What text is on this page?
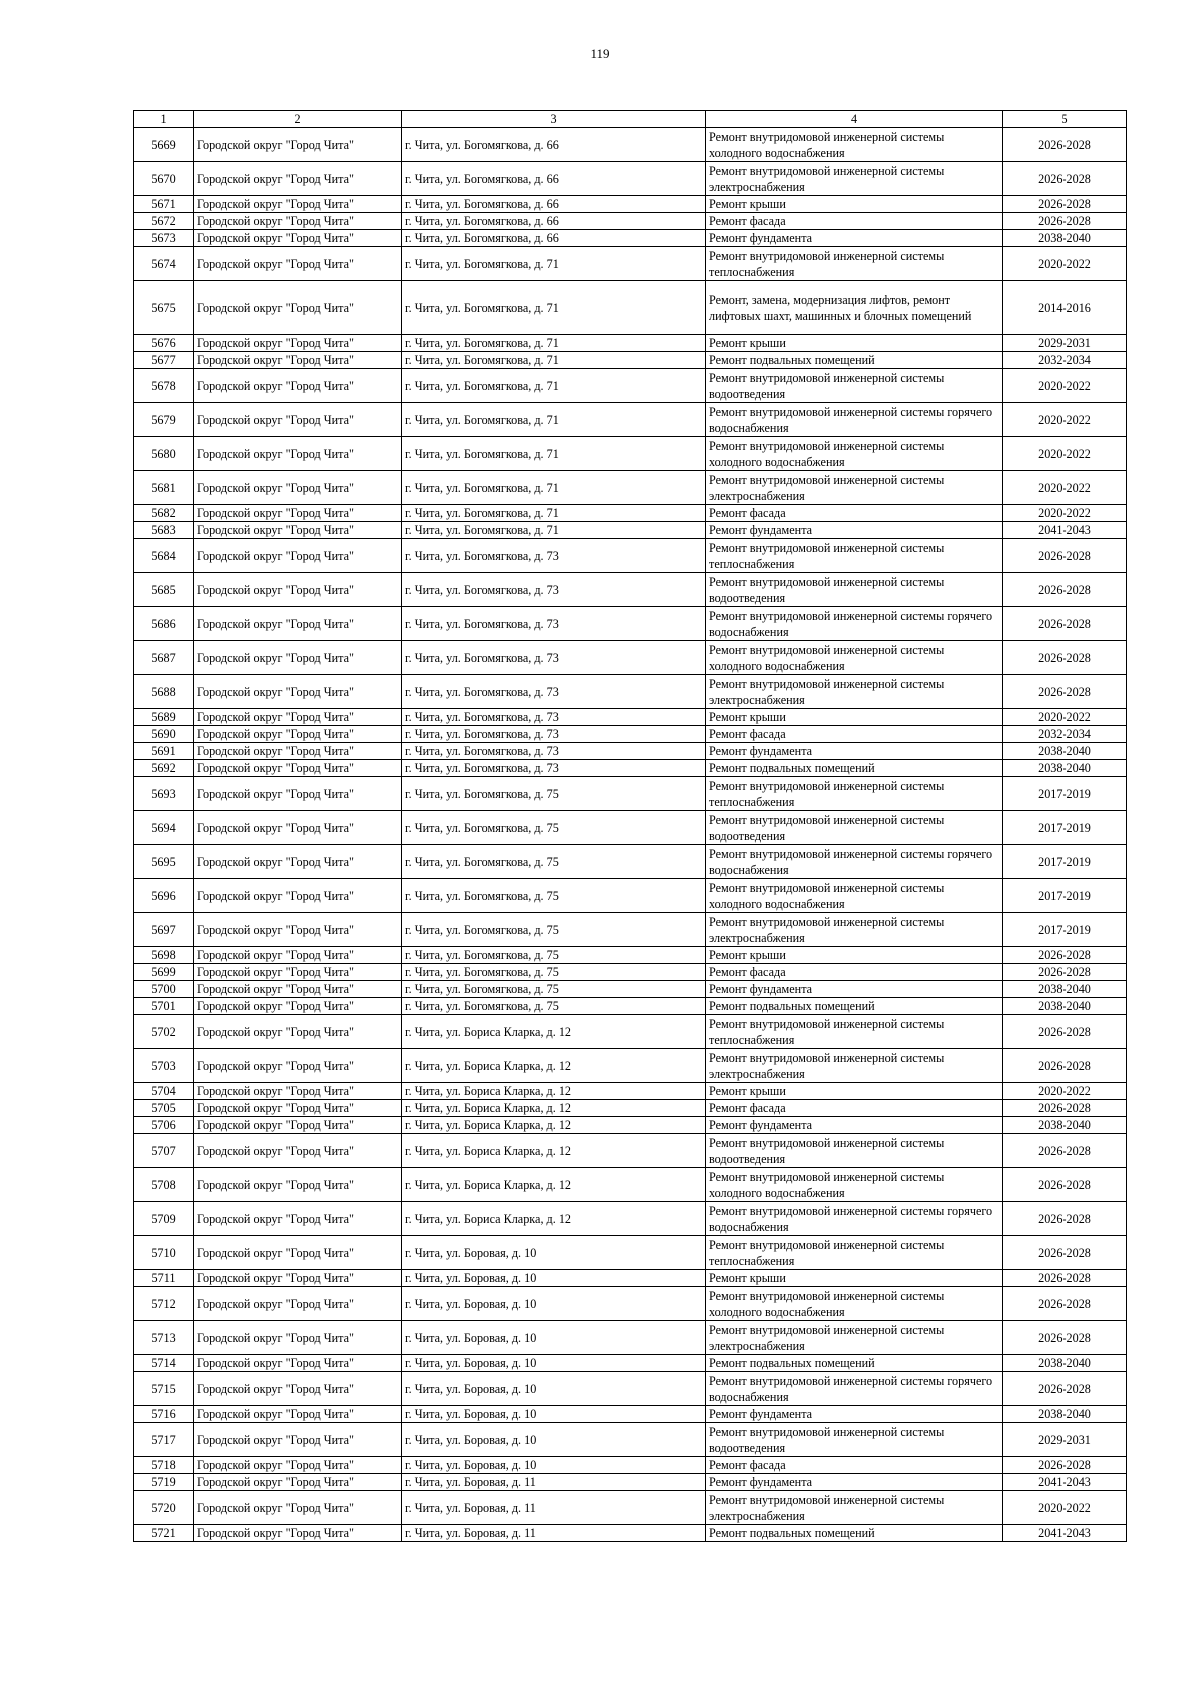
119
1	2	3	4	5
5669	Городской округ "Город Чита"	г. Чита, ул. Богомягкова, д. 66	Ремонт внутридомовой инженерной системы холодного водоснабжения	2026-2028
5670	Городской округ "Город Чита"	г. Чита, ул. Богомягкова, д. 66	Ремонт внутридомовой инженерной системы электроснабжения	2026-2028
5671	Городской округ "Город Чита"	г. Чита, ул. Богомягкова, д. 66	Ремонт крыши	2026-2028
5672	Городской округ "Город Чита"	г. Чита, ул. Богомягкова, д. 66	Ремонт фасада	2026-2028
5673	Городской округ "Город Чита"	г. Чита, ул. Богомягкова, д. 66	Ремонт фундамента	2038-2040
5674	Городской округ "Город Чита"	г. Чита, ул. Богомягкова, д. 71	Ремонт внутридомовой инженерной системы теплоснабжения	2020-2022
5675	Городской округ "Город Чита"	г. Чита, ул. Богомягкова, д. 71	Ремонт, замена, модернизация лифтов, ремонт лифтовых шахт, машинных и блочных помещений	2014-2016
5676	Городской округ "Город Чита"	г. Чита, ул. Богомягкова, д. 71	Ремонт крыши	2029-2031
5677	Городской округ "Город Чита"	г. Чита, ул. Богомягкова, д. 71	Ремонт подвальных помещений	2032-2034
5678	Городской округ "Город Чита"	г. Чита, ул. Богомягкова, д. 71	Ремонт внутридомовой инженерной системы водоотведения	2020-2022
5679	Городской округ "Город Чита"	г. Чита, ул. Богомягкова, д. 71	Ремонт внутридомовой инженерной системы горячего водоснабжения	2020-2022
5680	Городской округ "Город Чита"	г. Чита, ул. Богомягкова, д. 71	Ремонт внутридомовой инженерной системы холодного водоснабжения	2020-2022
5681	Городской округ "Город Чита"	г. Чита, ул. Богомягкова, д. 71	Ремонт внутридомовой инженерной системы электроснабжения	2020-2022
5682	Городской округ "Город Чита"	г. Чита, ул. Богомягкова, д. 71	Ремонт фасада	2020-2022
5683	Городской округ "Город Чита"	г. Чита, ул. Богомягкова, д. 71	Ремонт фундамента	2041-2043
5684	Городской округ "Город Чита"	г. Чита, ул. Богомягкова, д. 73	Ремонт внутридомовой инженерной системы теплоснабжения	2026-2028
5685	Городской округ "Город Чита"	г. Чита, ул. Богомягкова, д. 73	Ремонт внутридомовой инженерной системы водоотведения	2026-2028
5686	Городской округ "Город Чита"	г. Чита, ул. Богомягкова, д. 73	Ремонт внутридомовой инженерной системы горячего водоснабжения	2026-2028
5687	Городской округ "Город Чита"	г. Чита, ул. Богомягкова, д. 73	Ремонт внутридомовой инженерной системы холодного водоснабжения	2026-2028
5688	Городской округ "Город Чита"	г. Чита, ул. Богомягкова, д. 73	Ремонт внутридомовой инженерной системы электроснабжения	2026-2028
5689	Городской округ "Город Чита"	г. Чита, ул. Богомягкова, д. 73	Ремонт крыши	2020-2022
5690	Городской округ "Город Чита"	г. Чита, ул. Богомягкова, д. 73	Ремонт фасада	2032-2034
5691	Городской округ "Город Чита"	г. Чита, ул. Богомягкова, д. 73	Ремонт фундамента	2038-2040
5692	Городской округ "Город Чита"	г. Чита, ул. Богомягкова, д. 73	Ремонт подвальных помещений	2038-2040
5693	Городской округ "Город Чита"	г. Чита, ул. Богомягкова, д. 75	Ремонт внутридомовой инженерной системы теплоснабжения	2017-2019
5694	Городской округ "Город Чита"	г. Чита, ул. Богомягкова, д. 75	Ремонт внутридомовой инженерной системы водоотведения	2017-2019
5695	Городской округ "Город Чита"	г. Чита, ул. Богомягкова, д. 75	Ремонт внутридомовой инженерной системы горячего водоснабжения	2017-2019
5696	Городской округ "Город Чита"	г. Чита, ул. Богомягкова, д. 75	Ремонт внутридомовой инженерной системы холодного водоснабжения	2017-2019
5697	Городской округ "Город Чита"	г. Чита, ул. Богомягкова, д. 75	Ремонт внутридомовой инженерной системы электроснабжения	2017-2019
5698	Городской округ "Город Чита"	г. Чита, ул. Богомягкова, д. 75	Ремонт крыши	2026-2028
5699	Городской округ "Город Чита"	г. Чита, ул. Богомягкова, д. 75	Ремонт фасада	2026-2028
5700	Городской округ "Город Чита"	г. Чита, ул. Богомягкова, д. 75	Ремонт фундамента	2038-2040
5701	Городской округ "Город Чита"	г. Чита, ул. Богомягкова, д. 75	Ремонт подвальных помещений	2038-2040
5702	Городской округ "Город Чита"	г. Чита, ул. Бориса Кларка, д. 12	Ремонт внутридомовой инженерной системы теплоснабжения	2026-2028
5703	Городской округ "Город Чита"	г. Чита, ул. Бориса Кларка, д. 12	Ремонт внутридомовой инженерной системы электроснабжения	2026-2028
5704	Городской округ "Город Чита"	г. Чита, ул. Бориса Кларка, д. 12	Ремонт крыши	2020-2022
5705	Городской округ "Город Чита"	г. Чита, ул. Бориса Кларка, д. 12	Ремонт фасада	2026-2028
5706	Городской округ "Город Чита"	г. Чита, ул. Бориса Кларка, д. 12	Ремонт фундамента	2038-2040
5707	Городской округ "Город Чита"	г. Чита, ул. Бориса Кларка, д. 12	Ремонт внутридомовой инженерной системы водоотведения	2026-2028
5708	Городской округ "Город Чита"	г. Чита, ул. Бориса Кларка, д. 12	Ремонт внутридомовой инженерной системы холодного водоснабжения	2026-2028
5709	Городской округ "Город Чита"	г. Чита, ул. Бориса Кларка, д. 12	Ремонт внутридомовой инженерной системы горячего водоснабжения	2026-2028
5710	Городской округ "Город Чита"	г. Чита, ул. Боровая, д. 10	Ремонт внутридомовой инженерной системы теплоснабжения	2026-2028
5711	Городской округ "Город Чита"	г. Чита, ул. Боровая, д. 10	Ремонт крыши	2026-2028
5712	Городской округ "Город Чита"	г. Чита, ул. Боровая, д. 10	Ремонт внутридомовой инженерной системы холодного водоснабжения	2026-2028
5713	Городской округ "Город Чита"	г. Чита, ул. Боровая, д. 10	Ремонт внутридомовой инженерной системы электроснабжения	2026-2028
5714	Городской округ "Город Чита"	г. Чита, ул. Боровая, д. 10	Ремонт подвальных помещений	2038-2040
5715	Городской округ "Город Чита"	г. Чита, ул. Боровая, д. 10	Ремонт внутридомовой инженерной системы горячего водоснабжения	2026-2028
5716	Городской округ "Город Чита"	г. Чита, ул. Боровая, д. 10	Ремонт фундамента	2038-2040
5717	Городской округ "Город Чита"	г. Чита, ул. Боровая, д. 10	Ремонт внутридомовой инженерной системы водоотведения	2029-2031
5718	Городской округ "Город Чита"	г. Чита, ул. Боровая, д. 10	Ремонт фасада	2026-2028
5719	Городской округ "Город Чита"	г. Чита, ул. Боровая, д. 11	Ремонт фундамента	2041-2043
5720	Городской округ "Город Чита"	г. Чита, ул. Боровая, д. 11	Ремонт внутридомовой инженерной системы электроснабжения	2020-2022
5721	Городской округ "Город Чита"	г. Чита, ул. Боровая, д. 11	Ремонт подвальных помещений	2041-2043
